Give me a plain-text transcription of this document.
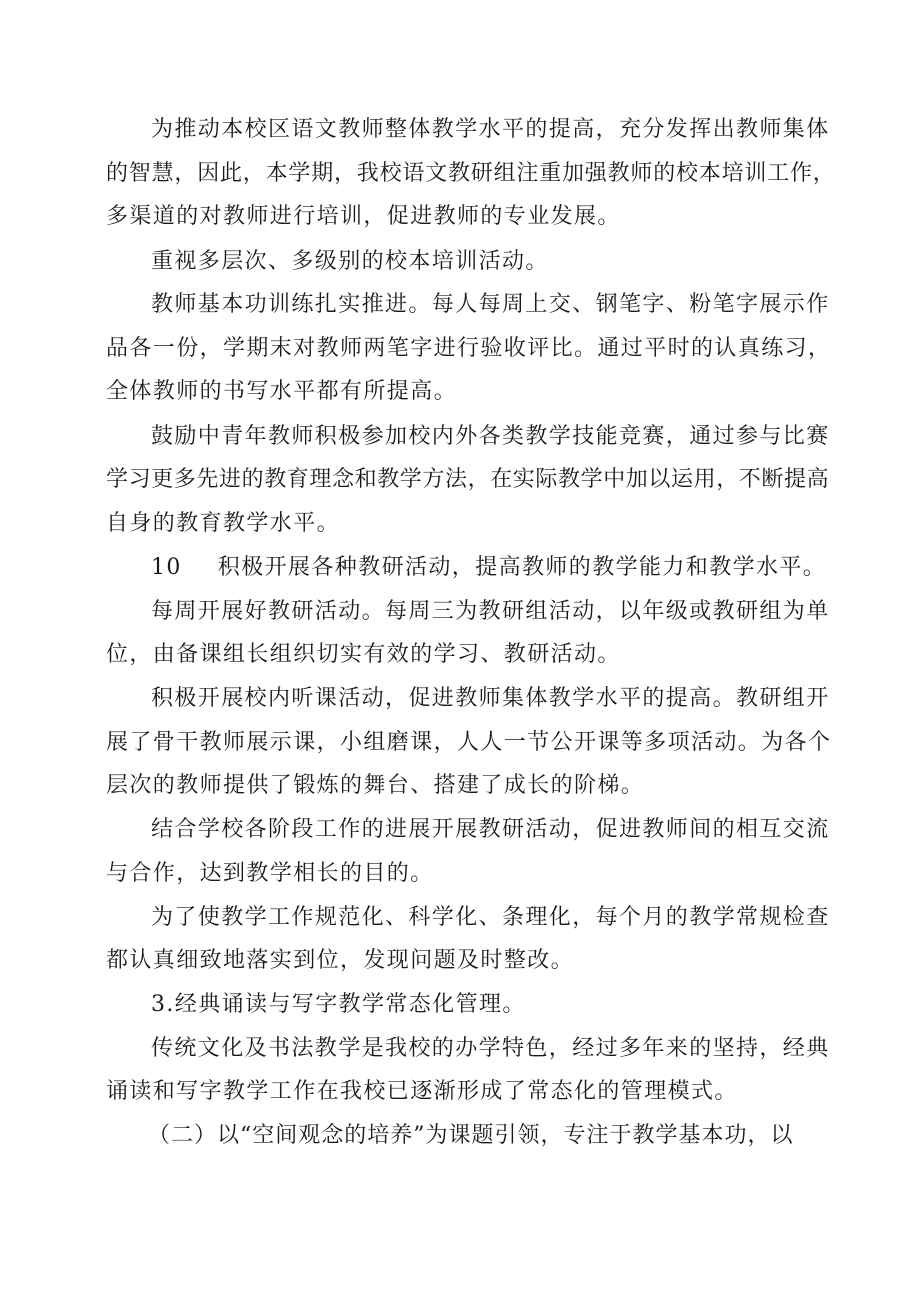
为推动本校区语文教师整体教学水平的提高，充分发挥出教师集体
的智慧，因此，本学期，我校语文教研组注重加强教师的校本培训工作，
多渠道的对教师进行培训，促进教师的专业发展。
重视多层次、多级别的校本培训活动。
教师基本功训练扎实推进。每人每周上交、钢笔字、粉笔字展示作
品各一份，学期末对教师两笔字进行验收评比。通过平时的认真练习，
全体教师的书写水平都有所提高。
鼓励中青年教师积极参加校内外各类教学技能竞赛，通过参与比赛
学习更多先进的教育理念和教学方法，在实际教学中加以运用，不断提高
自身的教育教学水平。
10 积极开展各种教研活动，提高教师的教学能力和教学水平。
每周开展好教研活动。每周三为教研组活动，以年级或教研组为单
位，由备课组长组织切实有效的学习、教研活动。
积极开展校内听课活动，促进教师集体教学水平的提高。教研组开
展了骨干教师展示课，小组磨课，人人一节公开课等多项活动。为各个
层次的教师提供了锻炼的舞台、搭建了成长的阶梯。
结合学校各阶段工作的进展开展教研活动，促进教师间的相互交流
与合作，达到教学相长的目的。
为了使教学工作规范化、科学化、条理化，每个月的教学常规检查
都认真细致地落实到位，发现问题及时整改。
3.经典诵读与写字教学常态化管理。
传统文化及书法教学是我校的办学特色，经过多年来的坚持，经典
诵读和写字教学工作在我校已逐渐形成了常态化的管理模式。
（二）以“空间观念的培养”为课题引领，专注于教学基本功，以
